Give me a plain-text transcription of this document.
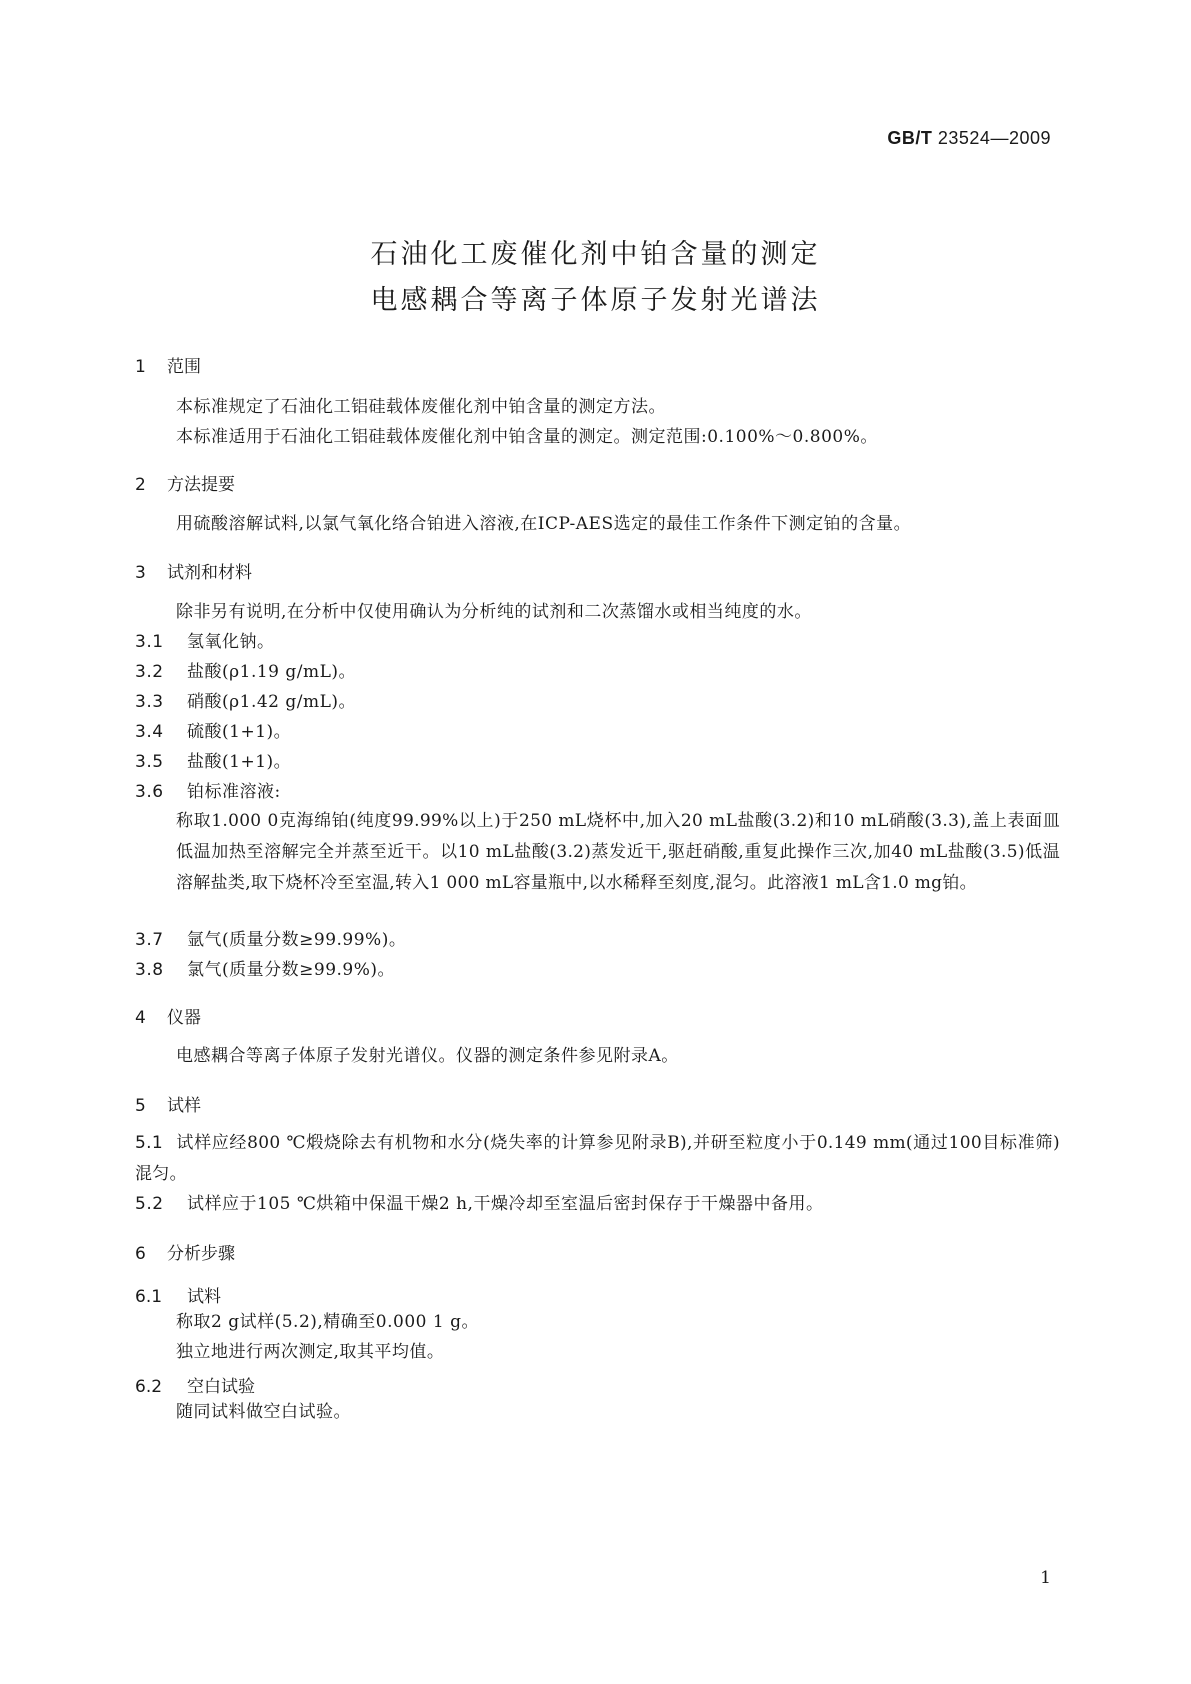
GB/T 23524—2009
石油化工废催化剂中铂含量的测定
电感耦合等离子体原子发射光谱法
1 范围
本标准规定了石油化工铝硅载体废催化剂中铂含量的测定方法。
本标准适用于石油化工铝硅载体废催化剂中铂含量的测定。测定范围:0.100%～0.800%。
2 方法提要
用硫酸溶解试料,以氯气氧化络合铂进入溶液,在ICP-AES选定的最佳工作条件下测定铂的含量。
3 试剂和材料
除非另有说明,在分析中仅使用确认为分析纯的试剂和二次蒸馏水或相当纯度的水。
3.1 氢氧化钠。
3.2 盐酸(ρ1.19 g/mL)。
3.3 硝酸(ρ1.42 g/mL)。
3.4 硫酸(1+1)。
3.5 盐酸(1+1)。
3.6 铂标准溶液:
称取1.000 0克海绵铂(纯度99.99%以上)于250 mL烧杯中,加入20 mL盐酸(3.2)和10 mL硝酸(3.3),盖上表面皿低温加热至溶解完全并蒸至近干。以10 mL盐酸(3.2)蒸发近干,驱赶硝酸,重复此操作三次,加40 mL盐酸(3.5)低温溶解盐类,取下烧杯冷至室温,转入1 000 mL容量瓶中,以水稀释至刻度,混匀。此溶液1 mL含1.0 mg铂。
3.7 氩气(质量分数≥99.99%)。
3.8 氯气(质量分数≥99.9%)。
4 仪器
电感耦合等离子体原子发射光谱仪。仪器的测定条件参见附录A。
5 试样
5.1 试样应经800 ℃煅烧除去有机物和水分(烧失率的计算参见附录B),并研至粒度小于0.149 mm(通过100目标准筛)混匀。
5.2 试样应于105 ℃烘箱中保温干燥2 h,干燥冷却至室温后密封保存于干燥器中备用。
6 分析步骤
6.1 试料
称取2 g试样(5.2),精确至0.000 1 g。
独立地进行两次测定,取其平均值。
6.2 空白试验
随同试料做空白试验。
1
